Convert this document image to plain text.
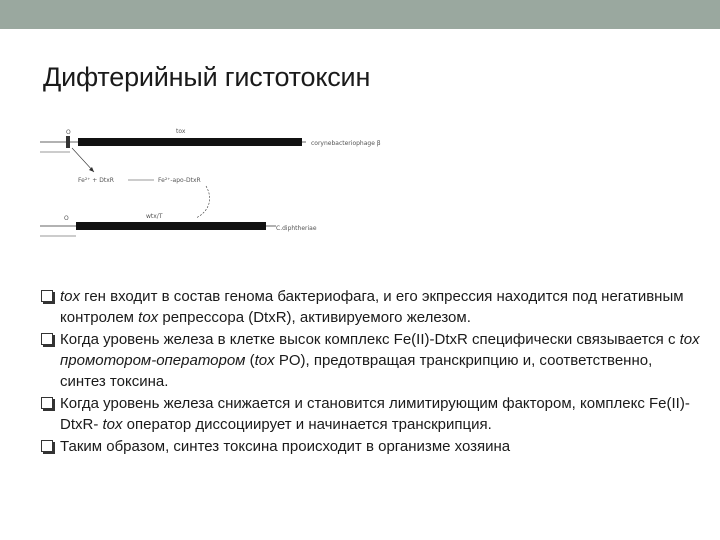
Дифтерийный гистотоксин
O	tox
corynebacteriophage β
Fe²⁺ + DtxR	Fe²⁺-apo-DtxR
O	wtx/T
C.diphtheriae
tox ген входит в состав генома бактериофага, и его экпрессия находится под негативным контролем tox репрессора (DtxR), активируемого железом.
Когда уровень железа в клетке высок комплекс Fe(II)-DtxR специфически связывается с tox промотором-оператором (tox PO), предотвращая транскрипцию и, соответственно, синтез токсина.
Когда уровень железа снижается и становится лимитирующим фактором, комплекс Fe(II)-DtxR- tox оператор диссоциирует и начинается транскрипция.
Таким образом, синтез токсина происходит в организме хозяина
